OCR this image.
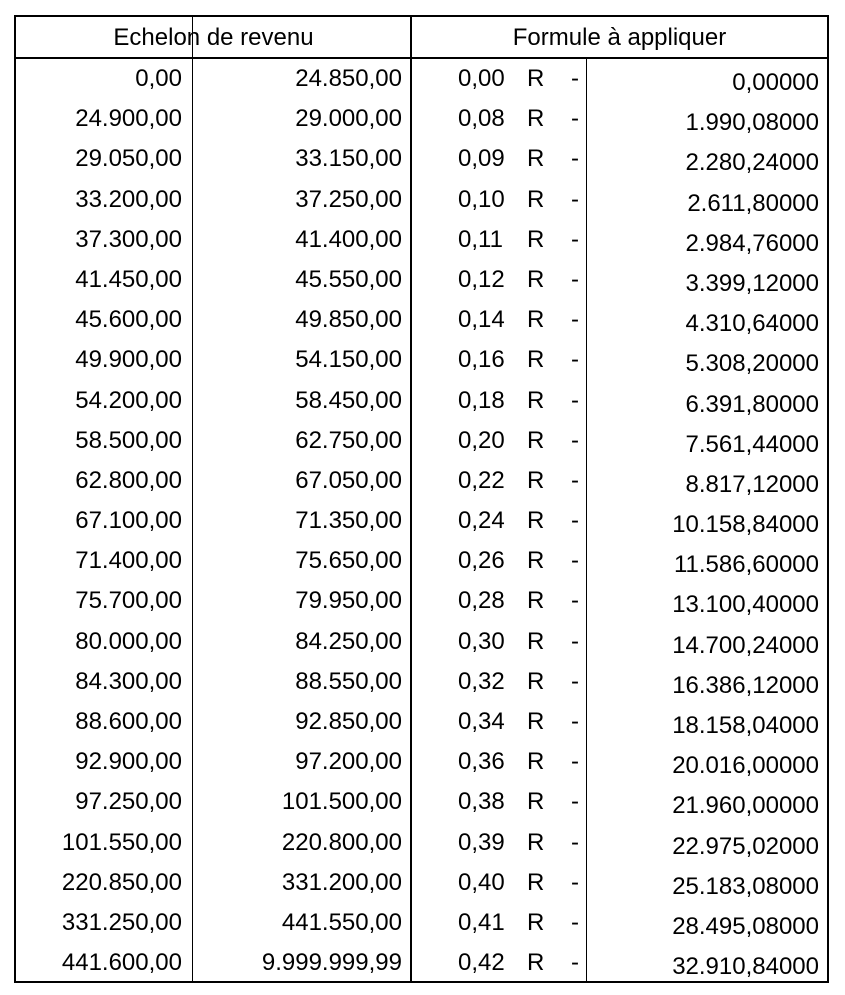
Echelon de revenu	Formule à appliquer
0,00	24.850,00 0,00 R -	0,00000
24.900,00	29.000,00 0,08 R -	1.990,08000
29.050,00	33.150,00 0,09 R -	2.280,24000
33.200,00	37.250,00 0,10 R -	2.611,80000
37.300,00	41.400,00 0,11 R -	2.984,76000
41.450,00	45.550,00 0,12 R -	3.399,12000
45.600,00	49.850,00 0,14 R -	4.310,64000
49.900,00	54.150,00 0,16 R -	5.308,20000
54.200,00	58.450,00 0,18 R -	6.391,80000
58.500,00	62.750,00 0,20 R -	7.561,44000
62.800,00	67.050,00 0,22 R -	8.817,12000
67.100,00	71.350,00 0,24 R -	10.158,84000
71.400,00	75.650,00 0,26 R -	11.586,60000
75.700,00	79.950,00 0,28 R -	13.100,40000
80.000,00	84.250,00 0,30 R -	14.700,24000
84.300,00	88.550,00 0,32 R -	16.386,12000
88.600,00	92.850,00 0,34 R -	18.158,04000
92.900,00	97.200,00 0,36 R -	20.016,00000
97.250,00	101.500,00 0,38 R -	21.960,00000
101.550,00	220.800,00 0,39 R -	22.975,02000
220.850,00	331.200,00 0,40 R -	25.183,08000
331.250,00	441.550,00 0,41 R -	28.495,08000
441.600,00	9.999.999,99 0,42 R -	32.910,84000
